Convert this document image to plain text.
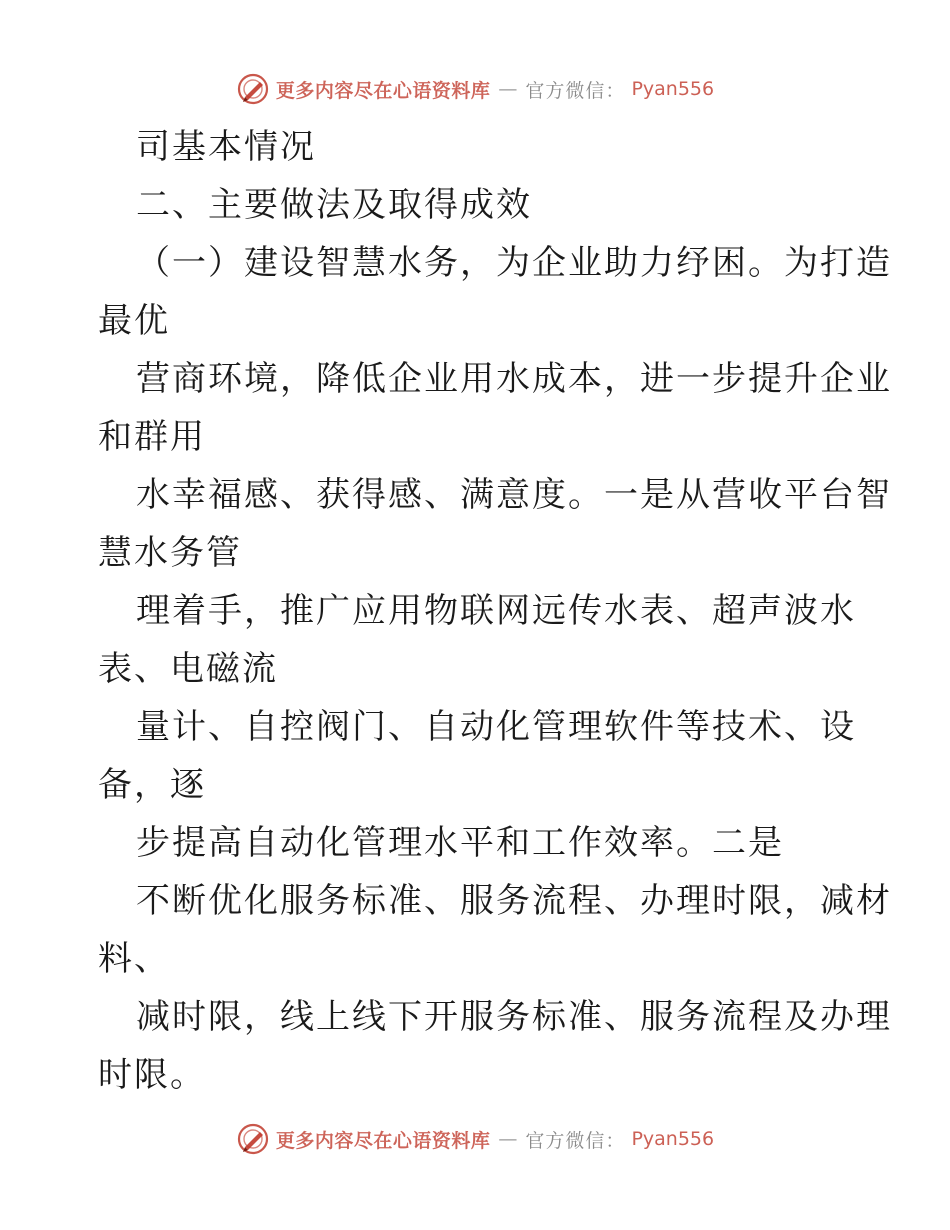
更多内容尽在心语资料库 — 官方微信： Pyan556
司基本情况
二、主要做法及取得成效
（一）建设智慧水务，为企业助力纾困。为打造
最优
营商环境，降低企业用水成本，进一步提升企业
和群用
水幸福感、获得感、满意度。一是从营收平台智
慧水务管
理着手，推广应用物联网远传水表、超声波水
表、电磁流
量计、自控阀门、自动化管理软件等技术、设
备，逐
步提高自动化管理水平和工作效率。二是
不断优化服务标准、服务流程、办理时限，减材
料、
减时限，线上线下开服务标准、服务流程及办理
时限。
更多内容尽在心语资料库 — 官方微信： Pyan556
